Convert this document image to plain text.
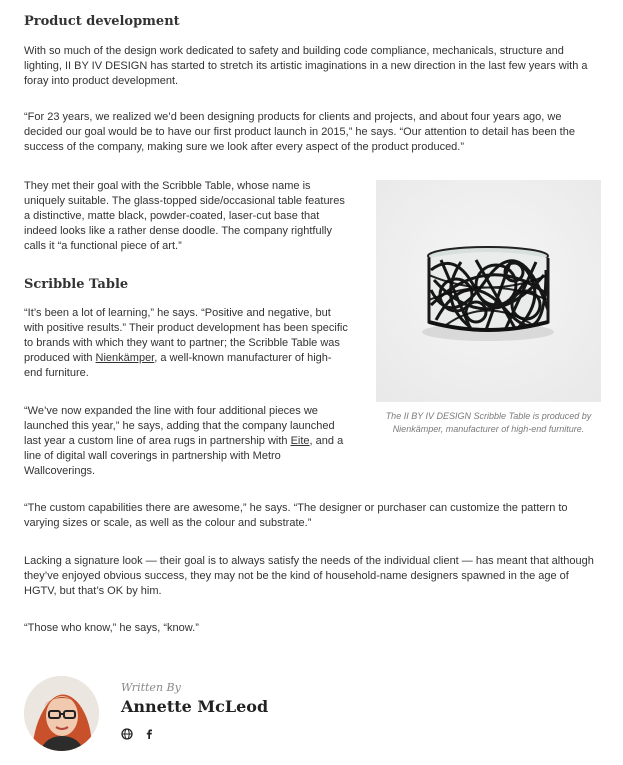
Product development

With so much of the design work dedicated to safety and building code compliance, mechanicals, structure and lighting, II BY IV DESIGN has started to stretch its artistic imaginations in a new direction in the last few years with a foray into product development.

“For 23 years, we realized we’d been designing products for clients and projects, and about four years ago, we decided our goal would be to have our first product launch in 2015,” he says. “Our attention to detail has been the success of the company, making sure we look after every aspect of the product produced.”

They met their goal with the Scribble Table, whose name is uniquely suitable. The glass-topped side/occasional table features a distinctive, matte black, powder-coated, laser-cut base that indeed looks like a rather dense doodle. The company rightfully calls it “a functional piece of art.”

Scribble Table

“It’s been a lot of learning,” he says. “Positive and negative, but with positive results.” Their product development has been specific to brands with which they want to partner; the Scribble Table was produced with Nienkämper, a well-known manufacturer of high-end furniture.

“We’ve now expanded the line with four additional pieces we launched this year,” he says, adding that the company launched last year a custom line of area rugs in partnership with Eite, and a line of digital wall coverings in partnership with Metro Wallcoverings.

“The custom capabilities there are awesome,” he says. “The designer or purchaser can customize the pattern to varying sizes or scale, as well as the colour and substrate.”

Lacking a signature look — their goal is to always satisfy the needs of the individual client — has meant that although they’ve enjoyed obvious success, they may not be the kind of household-name designers spawned in the age of HGTV, but that’s OK by him.

“Those who know,” he says, “know.”

The II BY IV DESIGN Scribble Table is produced by Nienkämper, manufacturer of high-end furniture.
Written By
Annette McLeod
